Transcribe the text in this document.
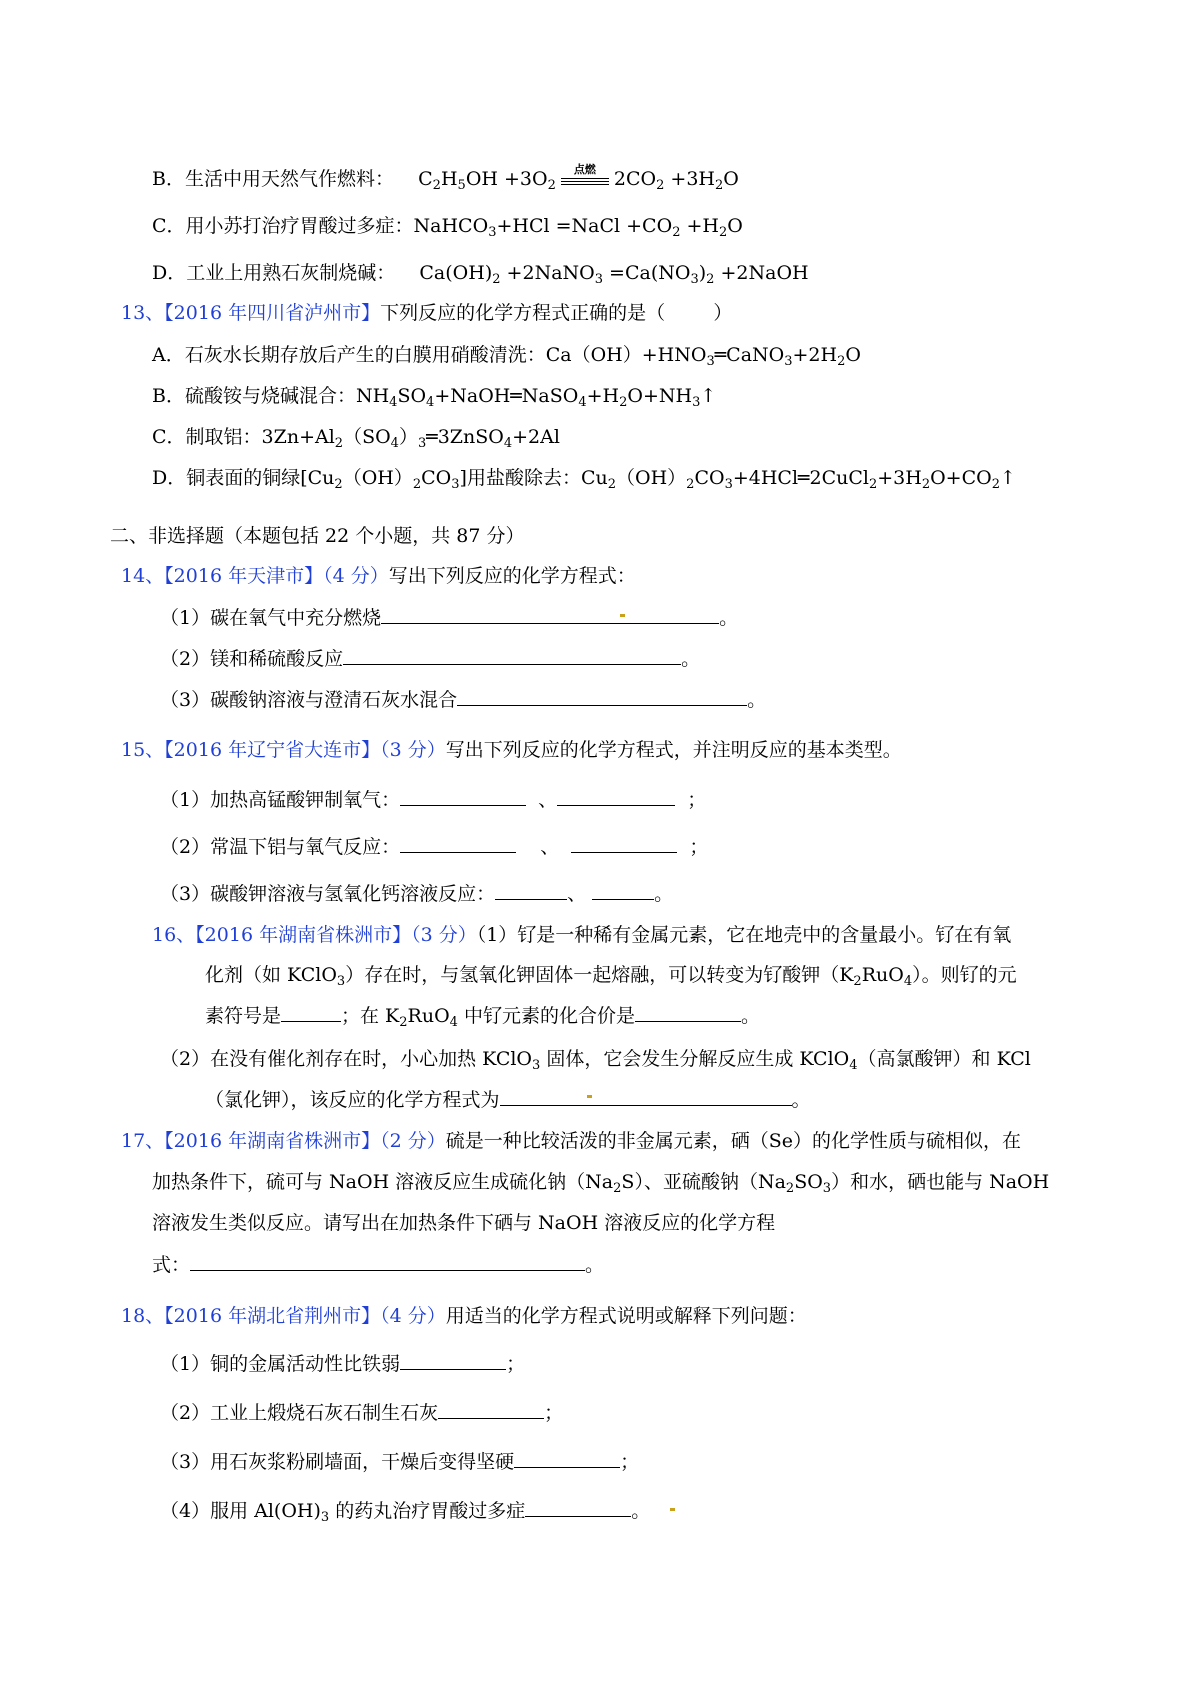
B．生活中用天然气作燃料：    $C_2H_5OH +3O_2$
点燃 $2CO_2 +3H_2O$
C．用小苏打治疗胃酸过多症：NaHCO$_3$+HCl =NaCl $+CO_2 +H_2O$
D．工业上用熟石灰制烧碱：    $Ca(OH)_2$ +2NaNO$_3$ $=Ca(NO_3)_2$ +2NaOH
13、【2016 年四川省泸州市】下列反应的化学方程式正确的是（        ）
A．石灰水长期存放后产生的白膜用硝酸清洗：$Ca(OH)+HNO_3═CaNO_3+2H_2O$
B．硫酸铵与烧碱混合：$NH_4SO_4+NaOH═NaSO_4+H_2O+NH_3↑$
C．制取铝：$3Zn+Al_2(SO_4)_3═3ZnSO_4+2Al$
D．铜表面的铜绿$[Cu_2(OH)_2CO_3]$用盐酸除去：$Cu_2(OH)_2CO_3+4HCl═2CuCl_2+3H_2O+CO_2↑$
二、非选择题（本题包括 22 个小题，共 87 分）
14、【2016 年天津市】（4 分）写出下列反应的化学方程式：
（1）碳在氧气中充分燃烧	。
（2）镁和稀硫酸反应	。
（3）碳酸钠溶液与澄清石灰水混合	。
15、【2016 年辽宁省大连市】（3 分）写出下列反应的化学方程式，并注明反应的基本类型。
（1）加热高锰酸钾制氧气：	、	；
（2）常温下铝与氧气反应：	、	；
（3）碳酸钾溶液与氢氧化钙溶液反应：	、	。
16、【2016 年湖南省株洲市】（3 分）（1）钌是一种稀有金属元素，它在地壳中的含量最小。钌在有氧
化剂（如 KClO$_3$）存在时，与氢氧化钾固体一起熔融，可以转变为钌酸钾$(K_2RuO_4)$。则钌的元
素符号是	；在 $K_2RuO_4$ 中钌元素的化合价是	。
（2）在没有催化剂存在时，小心加热 KClO$_3$ 固体，它会发生分解反应生成 KClO$_4$（高氯酸钾）和 KCl
（氯化钾），该反应的化学方程式为	。
17、【2016 年湖南省株洲市】（2 分）硫是一种比较活泼的非金属元素，硒（Se）的化学性质与硫相似，在
加热条件下，硫可与 NaOH 溶液反应生成硫化钠$(Na_2S)$、亚硫酸钠$(Na_2SO_3)$和水，硒也能与 NaOH
溶液发生类似反应。请写出在加热条件下硒与 NaOH 溶液反应的化学方程
式：	。
18、【2016 年湖北省荆州市】（4 分）用适当的化学方程式说明或解释下列问题：
（1）铜的金属活动性比铁弱	；
（2）工业上煅烧石灰石制生石灰	；
（3）用石灰浆粉刷墙面，干燥后变得坚硬	；
（4）服用 $Al(OH)_3$ 的药丸治疗胃酸过多症	。
